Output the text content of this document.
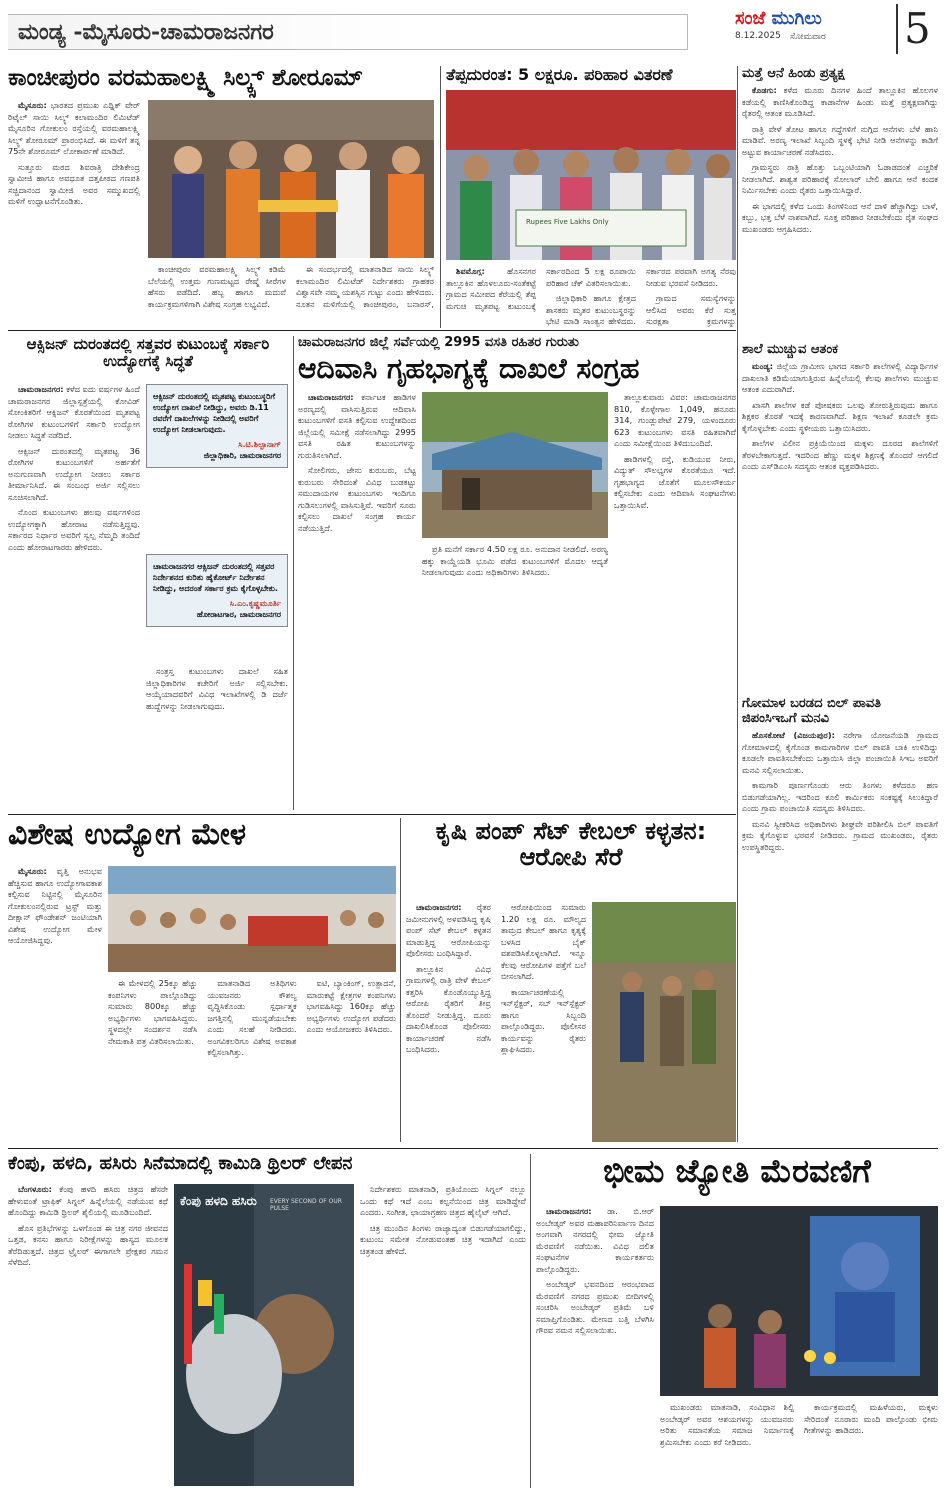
ಮಂಡ್ಯ -ಮೈಸೂರು-ಚಾಮರಾಜನಗರ
ಸಂಜೆ ಮುಗಿಲು
8.12.2025	ಸೋಮವಾರ 5
ಕಾಂಚೀಪುರಂ ವರಮಹಾಲಕ್ಷ್ಮಿ ಸಿಲ್ಕ್ಸ್ ಶೋರೂಮ್

ಮೈಸೂರು: ಭಾರತದ ಪ್ರಮುಖ ಎಥ್ನಿಕ್ ವೇರ್ ರಿಟೈಲ್ ಸಾಯಿ ಸಿಲ್ಕ್ಸ್ ಕಲಾಮಂದಿರ ಲಿಮಿಟೆಡ್ ಮೈಸೂರಿನ ಗೋಕುಲಂ ರಸ್ತೆಯಲ್ಲಿ ವರಮಹಾಲಕ್ಷ್ಮಿ ಸಿಲ್ಕ್ಸ್ ಶೋರೂಮ್ ಪ್ರಾರಂಭಿಸಿದೆ. ಈ ಮಳಿಗೆ ತನ್ನ 75ನೇ ಶೋರೂಮ್ ಲೋಕಾರ್ಪಣೆ ಮಾಡಿದೆ.

ಸುತ್ತೂರು ಮಠದ ಶಿವರಾತ್ರಿ ದೇಶಿಕೇಂದ್ರ ಸ್ವಾಮೀಜಿ ಹಾಗೂ ಅವಧೂತ ದತ್ತಪೀಠದ ಗಣಪತಿ ಸಚ್ಚಿದಾನಂದ ಸ್ವಾಮೀಜಿ ಅವರ ಸಮ್ಮುಖದಲ್ಲಿ ಮಳಿಗೆ ಉದ್ಘಾಟನೆಗೊಂಡಿತು.

ಕಾಂಚೀಪುರಂ ವರಮಹಾಲಕ್ಷ್ಮಿ ಸಿಲ್ಕ್ಸ್ ಕಡಿಮೆ ಬೆಲೆಯಲ್ಲಿ ಉತ್ತಮ ಗುಣಮಟ್ಟದ ರೇಷ್ಮೆ ಸೀರೆಗಳ ಹೆಸರು ಪಡೆದಿದೆ. ಹಬ್ಬ ಹಾಗೂ ಮದುವೆ ಕಾರ್ಯಕ್ರಮಗಳಿಗಾಗಿ ವಿಶೇಷ ಸಂಗ್ರಹ ಲಭ್ಯವಿದೆ.

ಈ ಸಂದರ್ಭದಲ್ಲಿ ಮಾತನಾಡಿದ ಸಾಯಿ ಸಿಲ್ಕ್ಸ್ ಕಲಾಮಂದಿರ ಲಿಮಿಟೆಡ್ ನಿರ್ದೇಶಕರು ಗ್ರಾಹಕರ ವಿಶ್ವಾಸವೇ ನಮ್ಮ ಯಶಸ್ಸಿನ ಗುಟ್ಟು ಎಂದು ಹೇಳಿದರು. ನೂತನ ಮಳಿಗೆಯಲ್ಲಿ ಕಾಂಚೀಪುರಂ, ಬನಾರಸ್,

ತೆಪ್ಪದುರಂತ: 5 ಲಕ್ಷರೂ. ಪರಿಹಾರ ವಿತರಣೆ
Rupees Five Lakhs Only

ಶಿವಮೊಗ್ಗ:	ಹೊಸನಗರ ತಾಲ್ಲೂಕಿನ ಹೊಳಲೂರು-ಸಂತೆಕಟ್ಟೆ ಗ್ರಾಮದ ಸಮೀಪದ ಕೆರೆಯಲ್ಲಿ ತೆಪ್ಪ ಮಗುಚಿ ಮೃತಪಟ್ಟ ಕುಟುಂಬಕ್ಕೆ ಸರ್ಕಾರದಿಂದ 5 ಲಕ್ಷ ರೂಪಾಯಿ ಪರಿಹಾರ ಚೆಕ್ ವಿತರಿಸಲಾಯಿತು.

ಜಿಲ್ಲಾಧಿಕಾರಿ ಹಾಗೂ ಕ್ಷೇತ್ರದ ಶಾಸಕರು ಮೃತರ ಕುಟುಂಬಸ್ಥರನ್ನು ಭೇಟಿ ಮಾಡಿ ಸಾಂತ್ವನ ಹೇಳಿದರು. ಸರ್ಕಾರದ ಪರವಾಗಿ ಅಗತ್ಯ ನೆರವು ನೀಡುವ ಭರವಸೆ ನೀಡಿದರು.

ಗ್ರಾಮದ ಸಮಸ್ಯೆಗಳನ್ನು ಆಲಿಸಿದ ಅವರು ಕೆರೆ ಸುತ್ತ ಸುರಕ್ಷತಾ ಕ್ರಮಗಳನ್ನು

ಮತ್ತೆ ಆನೆ ಹಿಂಡು ಪ್ರತ್ಯಕ್ಷ

ಕೊಡಗು: ಕಳೆದ ಮೂರು ದಿನಗಳ ಹಿಂದೆ ತಾಲ್ಲೂಕಿನ ಹೊಲಗಳ ಕಡೆಯಲ್ಲಿ ಕಾಣಿಸಿಕೊಂಡಿದ್ದ ಕಾಡಾನೆಗಳ ಹಿಂಡು ಮತ್ತೆ ಪ್ರತ್ಯಕ್ಷವಾಗಿದ್ದು ರೈತರಲ್ಲಿ ಆತಂಕ ಮೂಡಿಸಿದೆ.

ರಾತ್ರಿ ವೇಳೆ ತೋಟ ಹಾಗೂ ಗದ್ದೆಗಳಿಗೆ ನುಗ್ಗಿದ ಆನೆಗಳು ಬೆಳೆ ಹಾನಿ ಮಾಡಿವೆ. ಅರಣ್ಯ ಇಲಾಖೆ ಸಿಬ್ಬಂದಿ ಸ್ಥಳಕ್ಕೆ ಭೇಟಿ ನೀಡಿ ಆನೆಗಳನ್ನು ಕಾಡಿಗೆ ಅಟ್ಟುವ ಕಾರ್ಯಾಚರಣೆ ನಡೆಸಿದರು.

ಗ್ರಾಮಸ್ಥರು ರಾತ್ರಿ ಹೊತ್ತು ಒಬ್ಬಂಟಿಯಾಗಿ ಓಡಾಡದಂತೆ ಎಚ್ಚರಿಕೆ ನೀಡಲಾಗಿದೆ. ಶಾಶ್ವತ ಪರಿಹಾರಕ್ಕೆ ಸೋಲಾರ್ ಬೇಲಿ ಹಾಗೂ ಆನೆ ಕಂದಕ ನಿರ್ಮಿಸಬೇಕು ಎಂದು ರೈತರು ಒತ್ತಾಯಿಸಿದ್ದಾರೆ.

ಈ ಭಾಗದಲ್ಲಿ ಕಳೆದ ಒಂದು ತಿಂಗಳಿನಿಂದ ಆನೆ ದಾಳಿ ಹೆಚ್ಚಾಗಿದ್ದು ಬಾಳೆ, ಕಬ್ಬು, ಭತ್ತ ಬೆಳೆ ನಾಶವಾಗಿದೆ. ಸೂಕ್ತ ಪರಿಹಾರ ನೀಡಬೇಕೆಂದು ರೈತ ಸಂಘದ ಮುಖಂಡರು ಆಗ್ರಹಿಸಿದರು.

ಶಾಲೆ ಮುಚ್ಚುವ ಆತಂಕ

ಮಂಡ್ಯ: ಜಿಲ್ಲೆಯ ಗ್ರಾಮೀಣ ಭಾಗದ ಸರ್ಕಾರಿ ಶಾಲೆಗಳಲ್ಲಿ ವಿದ್ಯಾರ್ಥಿಗಳ ದಾಖಲಾತಿ ಕಡಿಮೆಯಾಗುತ್ತಿರುವ ಹಿನ್ನೆಲೆಯಲ್ಲಿ ಕೆಲವು ಶಾಲೆಗಳು ಮುಚ್ಚುವ ಆತಂಕ ಎದುರಾಗಿದೆ.

ಖಾಸಗಿ ಶಾಲೆಗಳ ಕಡೆ ಪೋಷಕರು ಒಲವು ತೋರುತ್ತಿರುವುದು ಹಾಗೂ ಶಿಕ್ಷಕರ ಕೊರತೆ ಇದಕ್ಕೆ ಕಾರಣವಾಗಿದೆ. ಶಿಕ್ಷಣ ಇಲಾಖೆ ಕೂಡಲೇ ಕ್ರಮ ಕೈಗೊಳ್ಳಬೇಕು ಎಂದು ಸ್ಥಳೀಯರು ಒತ್ತಾಯಿಸಿದರು.

ಶಾಲೆಗಳ ವಿಲೀನ ಪ್ರಕ್ರಿಯೆಯಿಂದ ಮಕ್ಕಳು ದೂರದ ಶಾಲೆಗಳಿಗೆ ತೆರಳಬೇಕಾಗುತ್ತದೆ. ಇದರಿಂದ ಹೆಣ್ಣು ಮಕ್ಕಳ ಶಿಕ್ಷಣಕ್ಕೆ ತೊಂದರೆ ಆಗಲಿದೆ ಎಂದು ಎಸ್‌ಡಿಎಂಸಿ ಸದಸ್ಯರು ಆತಂಕ ವ್ಯಕ್ತಪಡಿಸಿದರು.

ಗೋಮಾಳ ಬರಡದ ಬಿಲ್ ಪಾವತಿ ಜಿಪಂಸಿಇಒಗೆ ಮನವಿ

ಹೊಸಕೋಟೆ (ವಿಜಯಪುರ): ನರೇಗಾ ಯೋಜನೆಯಡಿ ಗ್ರಾಮದ ಗೋಮಾಳದಲ್ಲಿ ಕೈಗೊಂಡ ಕಾಮಗಾರಿಗಳ ಬಿಲ್ ಪಾವತಿ ಬಾಕಿ ಉಳಿದಿದ್ದು ಕೂಡಲೇ ಪಾವತಿಸಬೇಕೆಂದು ಒತ್ತಾಯಿಸಿ ಜಿಲ್ಲಾ ಪಂಚಾಯಿತಿ ಸಿಇಒ ಅವರಿಗೆ ಮನವಿ ಸಲ್ಲಿಸಲಾಯಿತು.

ಕಾಮಗಾರಿ ಪೂರ್ಣಗೊಂಡು ಆರು ತಿಂಗಳು ಕಳೆದರೂ ಹಣ ಬಿಡುಗಡೆಯಾಗಿಲ್ಲ. ಇದರಿಂದ ಕೂಲಿ ಕಾರ್ಮಿಕರು ಸಂಕಷ್ಟಕ್ಕೆ ಸಿಲುಕಿದ್ದಾರೆ ಎಂದು ಗ್ರಾಮ ಪಂಚಾಯಿತಿ ಸದಸ್ಯರು ತಿಳಿಸಿದರು.

ಮನವಿ ಸ್ವೀಕರಿಸಿದ ಅಧಿಕಾರಿಗಳು ಶೀಘ್ರವೇ ಪರಿಶೀಲಿಸಿ ಬಿಲ್ ಪಾವತಿಗೆ ಕ್ರಮ ಕೈಗೊಳ್ಳುವ ಭರವಸೆ ನೀಡಿದರು. ಗ್ರಾಮದ ಮುಖಂಡರು, ರೈತರು ಉಪಸ್ಥಿತರಿದ್ದರು.

ಆಕ್ಸಿಜನ್ ದುರಂತದಲ್ಲಿ ಸತ್ತವರ ಕುಟುಂಬಕ್ಕೆ ಸರ್ಕಾರಿ ಉದ್ಯೋಗಕ್ಕೆ ಸಿದ್ಧತೆ

ಚಾಮರಾಜನಗರ: ಕಳೆದ ಐದು ವರ್ಷಗಳ ಹಿಂದೆ ಚಾಮರಾಜನಗರ ಜಿಲ್ಲಾಸ್ಪತ್ರೆಯಲ್ಲಿ ಕೋವಿಡ್ ಸೋಂಕಿತರಿಗೆ ಆಕ್ಸಿಜನ್ ಕೊರತೆಯಿಂದ ಮೃತಪಟ್ಟ ರೋಗಿಗಳ ಕುಟುಂಬಗಳಿಗೆ ಸರ್ಕಾರಿ ಉದ್ಯೋಗ ನೀಡಲು ಸಿದ್ಧತೆ ನಡೆದಿದೆ.

ಆಕ್ಸಿಜನ್ ದುರಂತದಲ್ಲಿ ಮೃತಪಟ್ಟ 36 ರೋಗಿಗಳ ಕುಟುಂಬಗಳಿಗೆ ಅರ್ಹತೆಗೆ ಅನುಗುಣವಾಗಿ ಉದ್ಯೋಗ ನೀಡಲು ಸರ್ಕಾರ ತೀರ್ಮಾನಿಸಿದೆ. ಈ ಸಂಬಂಧ ಅರ್ಜಿ ಸಲ್ಲಿಸಲು ಸೂಚಿಸಲಾಗಿದೆ.

ನೊಂದ ಕುಟುಂಬಗಳು ಹಲವು ವರ್ಷಗಳಿಂದ ಉದ್ಯೋಗಕ್ಕಾಗಿ ಹೋರಾಟ ನಡೆಸುತ್ತಿದ್ದವು. ಸರ್ಕಾರದ ನಿರ್ಧಾರ ಅವರಿಗೆ ಸ್ವಲ್ಪ ನೆಮ್ಮದಿ ತಂದಿದೆ ಎಂದು ಹೋರಾಟಗಾರರು ಹೇಳಿದರು.

ಆಕ್ಸಿಜನ್ ದುರಂತದಲ್ಲಿ ಮೃತಪಟ್ಟ ಕುಟುಂಬಸ್ಥರಿಗೆ ಉದ್ಯೋಗ ದಾಖಲೆ ನೀಡಿದ್ದು, ಅವರು ಡಿ.11 ರವರೆಗೆ ದಾಖಲೆಗಳನ್ನು ನೀಡಿದಲ್ಲಿ ಅವರಿಗೆ ಉದ್ಯೋಗ ನೀಡಲಾಗುವುದು.
ಸಿ.ಟಿ.ಶಿಲ್ಪಾನಾಗ್
ಜಿಲ್ಲಾಧಿಕಾರಿ, ಚಾಮರಾಜನಗರ
ಚಾಮರಾಜನಗರ ಆಕ್ಸಿಜನ್ ದುರಂತದಲ್ಲಿ ಸತ್ತವರ ನಿರ್ದೇಶನದ ಕುರಿತು ಹೈಕೋರ್ಟ್ ನಿರ್ದೇಶನ ನೀಡಿದ್ದು, ಅದರಂತೆ ಸರ್ಕಾರ ಕ್ರಮ ಕೈಗೊಳ್ಳಬೇಕು.
ಸಿ.ಎಂ.ಕೃಷ್ಣಮೂರ್ತಿ
ಹೋರಾಟಗಾರ, ಚಾಮರಾಜನಗರ

ಸಂತ್ರಸ್ತ ಕುಟುಂಬಗಳು ದಾಖಲೆ ಸಹಿತ ಜಿಲ್ಲಾಧಿಕಾರಿಗಳ ಕಚೇರಿಗೆ ಅರ್ಜಿ ಸಲ್ಲಿಸಬೇಕು. ಆಯ್ಕೆಯಾದವರಿಗೆ ವಿವಿಧ ಇಲಾಖೆಗಳಲ್ಲಿ ಡಿ ದರ್ಜೆ ಹುದ್ದೆಗಳನ್ನು ನೀಡಲಾಗುವುದು.

ಚಾಮರಾಜನಗರ ಜಿಲ್ಲೆ ಸರ್ವೆಯಲ್ಲಿ 2995 ವಸತಿ ರಹಿತರ ಗುರುತು
ಆದಿವಾಸಿ ಗೃಹಭಾಗ್ಯಕ್ಕೆ ದಾಖಲೆ ಸಂಗ್ರಹ

ಚಾಮರಾಜನಗರ: ಕರ್ನಾಟಕ ಹಾಡಿಗಳ ಅರಣ್ಯದಲ್ಲಿ ವಾಸಿಸುತ್ತಿರುವ ಆದಿವಾಸಿ ಕುಟುಂಬಗಳಿಗೆ ವಸತಿ ಕಲ್ಪಿಸುವ ಉದ್ದೇಶದಿಂದ ಜಿಲ್ಲೆಯಲ್ಲಿ ಸಮೀಕ್ಷೆ ನಡೆಸಲಾಗಿದ್ದು 2995 ವಸತಿ ರಹಿತ ಕುಟುಂಬಗಳನ್ನು ಗುರುತಿಸಲಾಗಿದೆ.

ಸೋಲಿಗರು, ಜೇನು ಕುರುಬರು, ಬೆಟ್ಟ ಕುರುಬರು ಸೇರಿದಂತೆ ವಿವಿಧ ಬುಡಕಟ್ಟು ಸಮುದಾಯಗಳ ಕುಟುಂಬಗಳು ಇಂದಿಗೂ ಗುಡಿಸಲುಗಳಲ್ಲಿ ವಾಸಿಸುತ್ತಿವೆ. ಇವರಿಗೆ ಸೂರು ಕಲ್ಪಿಸಲು ದಾಖಲೆ ಸಂಗ್ರಹ ಕಾರ್ಯ ನಡೆಯುತ್ತಿದೆ.

ಪ್ರತಿ ಮನೆಗೆ ಸರ್ಕಾರ 4.50 ಲಕ್ಷ ರೂ. ಅನುದಾನ ನೀಡಲಿದೆ. ಅರಣ್ಯ ಹಕ್ಕು ಕಾಯ್ದೆಯಡಿ ಭೂಮಿ ಪಡೆದ ಕುಟುಂಬಗಳಿಗೆ ಮೊದಲ ಆದ್ಯತೆ ನೀಡಲಾಗುವುದು ಎಂದು ಅಧಿಕಾರಿಗಳು ತಿಳಿಸಿದರು.

ತಾಲ್ಲೂಕುವಾರು ವಿವರ: ಚಾಮರಾಜನಗರ 810, ಕೊಳ್ಳೇಗಾಲ 1,049, ಹನೂರು 314, ಗುಂಡ್ಲುಪೇಟೆ 279, ಯಳಂದೂರು 623 ಕುಟುಂಬಗಳು ವಸತಿ ರಹಿತವಾಗಿವೆ ಎಂದು ಸಮೀಕ್ಷೆಯಿಂದ ತಿಳಿದುಬಂದಿದೆ.

ಹಾಡಿಗಳಲ್ಲಿ ರಸ್ತೆ, ಕುಡಿಯುವ ನೀರು, ವಿದ್ಯುತ್ ಸೌಲಭ್ಯಗಳ ಕೊರತೆಯೂ ಇದೆ. ಗೃಹಭಾಗ್ಯದ ಜೊತೆಗೆ ಮೂಲಸೌಕರ್ಯ ಕಲ್ಪಿಸಬೇಕು ಎಂದು ಆದಿವಾಸಿ ಸಂಘಟನೆಗಳು ಒತ್ತಾಯಿಸಿವೆ.

ವಿಶೇಷ ಉದ್ಯೋಗ ಮೇಳ

ಮೈಸೂರು: ವೃತ್ತಿ ಅನುಭವ ಹೆಚ್ಚಿಸುವ ಹಾಗೂ ಉದ್ಯೋಗಾವಕಾಶ ಕಲ್ಪಿಸುವ ನಿಟ್ಟಿನಲ್ಲಿ ಮೈಸೂರಿನ ಗೋಕುಲಂನಲ್ಲಿರುವ ಟ್ರಸ್ಟ್ ಮತ್ತು ದೀಕ್ಷಾನ್ ಫೌಂಡೇಶನ್ ಜಂಟಿಯಾಗಿ ವಿಶೇಷ ಉದ್ಯೋಗ ಮೇಳ ಆಯೋಜಿಸಿದ್ದವು.

ಈ ಮೇಳದಲ್ಲಿ 25ಕ್ಕೂ ಹೆಚ್ಚು ಕಂಪನಿಗಳು ಪಾಲ್ಗೊಂಡಿದ್ದು ಸುಮಾರು 800ಕ್ಕೂ ಹೆಚ್ಚು ಅಭ್ಯರ್ಥಿಗಳು ಭಾಗವಹಿಸಿದ್ದರು. ಸ್ಥಳದಲ್ಲೇ ಸಂದರ್ಶನ ನಡೆಸಿ ನೇಮಕಾತಿ ಪತ್ರ ವಿತರಿಸಲಾಯಿತು.

ಮಾತನಾಡಿದ ಅತಿಥಿಗಳು ಯುವಜನರು ಕೌಶಲ್ಯ ವೃದ್ಧಿಸಿಕೊಂಡು ಸ್ಪರ್ಧಾತ್ಮಕ ಜಗತ್ತಿನಲ್ಲಿ ಮುನ್ನಡೆಯಬೇಕು ಎಂದು ಸಲಹೆ ನೀಡಿದರು. ಅಂಗವಿಕಲರಿಗೂ ವಿಶೇಷ ಅವಕಾಶ ಕಲ್ಪಿಸಲಾಗಿತ್ತು.

ಐಟಿ, ಬ್ಯಾಂಕಿಂಗ್, ಉತ್ಪಾದನೆ, ಮಾರುಕಟ್ಟೆ ಕ್ಷೇತ್ರಗಳ ಕಂಪನಿಗಳು ಭಾಗವಹಿಸಿದ್ದು 160ಕ್ಕೂ ಹೆಚ್ಚು ಅಭ್ಯರ್ಥಿಗಳು ಉದ್ಯೋಗ ಪಡೆದರು ಎಂದು ಆಯೋಜಕರು ತಿಳಿಸಿದರು.

ಕೃಷಿ ಪಂಪ್ ಸೆಟ್ ಕೇಬಲ್ ಕಳ್ಳತನ: ಆರೋಪಿ ಸೆರೆ

ಚಾಮರಾಜನಗರ: ರೈತರ ಜಮೀನುಗಳಲ್ಲಿ ಅಳವಡಿಸಿದ್ದ ಕೃಷಿ ಪಂಪ್ ಸೆಟ್ ಕೇಬಲ್ ಕಳ್ಳತನ ಮಾಡುತ್ತಿದ್ದ ಆರೋಪಿಯನ್ನು ಪೊಲೀಸರು ಬಂಧಿಸಿದ್ದಾರೆ.

ತಾಲ್ಲೂಕಿನ ವಿವಿಧ ಗ್ರಾಮಗಳಲ್ಲಿ ರಾತ್ರಿ ವೇಳೆ ಕೇಬಲ್ ಕತ್ತರಿಸಿ ಕೊಂಡೊಯ್ಯುತ್ತಿದ್ದ ಆರೋಪಿ ರೈತರಿಗೆ ತೀವ್ರ ತೊಂದರೆ ನೀಡುತ್ತಿದ್ದ. ದೂರು ದಾಖಲಿಸಿಕೊಂಡ ಪೊಲೀಸರು ಕಾರ್ಯಾಚರಣೆ ನಡೆಸಿ ಬಂಧಿಸಿದರು.

ಆರೋಪಿಯಿಂದ ಸುಮಾರು 1.20 ಲಕ್ಷ ರೂ. ಮೌಲ್ಯದ ತಾಮ್ರದ ಕೇಬಲ್ ಹಾಗೂ ಕೃತ್ಯಕ್ಕೆ ಬಳಸಿದ ಬೈಕ್ ವಶಪಡಿಸಿಕೊಳ್ಳಲಾಗಿದೆ. ಇನ್ನೂ ಕೆಲವು ಆರೋಪಿಗಳ ಪತ್ತೆಗೆ ಬಲೆ ಬೀಸಲಾಗಿದೆ.

ಕಾರ್ಯಾಚರಣೆಯಲ್ಲಿ ಇನ್‌ಸ್ಪೆಕ್ಟರ್, ಸಬ್ ಇನ್‌ಸ್ಪೆಕ್ಟರ್ ಹಾಗೂ ಸಿಬ್ಬಂದಿ ಪಾಲ್ಗೊಂಡಿದ್ದರು. ಪೊಲೀಸರ ಕಾರ್ಯವನ್ನು ರೈತರು ಶ್ಲಾಘಿಸಿದರು.

ಕೆಂಪು, ಹಳದಿ, ಹಸಿರು ಸಿನೆಮಾದಲ್ಲಿ ಕಾಮಿಡಿ ಥ್ರಿಲರ್ ಲೇಪನ
ಕೆಂಪು ಹಳದಿ ಹಸಿರು	EVERY SECOND OF OUR PULSE

ಬೆಂಗಳೂರು: ಕೆಂಪು ಹಳದಿ ಹಸಿರು ಚಿತ್ರದ ಹೆಸರೇ ಹೇಳುವಂತೆ ಟ್ರಾಫಿಕ್ ಸಿಗ್ನಲ್ ಹಿನ್ನೆಲೆಯಲ್ಲಿ ನಡೆಯುವ ಕಥೆ ಹೊಂದಿದ್ದು ಕಾಮಿಡಿ ಥ್ರಿಲರ್ ಶೈಲಿಯಲ್ಲಿ ಮೂಡಿಬಂದಿದೆ.

ಹೊಸ ಪ್ರತಿಭೆಗಳನ್ನು ಒಳಗೊಂಡ ಈ ಚಿತ್ರ ನಗರ ಜೀವನದ ಒತ್ತಡ, ಕನಸು ಹಾಗೂ ನಿರೀಕ್ಷೆಗಳನ್ನು ಹಾಸ್ಯದ ಮೂಲಕ ತೆರೆದಿಡುತ್ತದೆ. ಚಿತ್ರದ ಟ್ರೈಲರ್ ಈಗಾಗಲೇ ಪ್ರೇಕ್ಷಕರ ಗಮನ ಸೆಳೆದಿದೆ.

ನಿರ್ದೇಶಕರು ಮಾತನಾಡಿ, ಪ್ರತಿಯೊಂದು ಸಿಗ್ನಲ್ ನಲ್ಲೂ ಒಂದು ಕಥೆ ಇದೆ ಎಂಬ ಕಲ್ಪನೆಯಿಂದ ಚಿತ್ರ ಮಾಡಿದ್ದೇವೆ ಎಂದರು. ಸಂಗೀತ, ಛಾಯಾಗ್ರಹಣ ಚಿತ್ರದ ಹೈಲೈಟ್ ಆಗಿದೆ.

ಚಿತ್ರ ಮುಂದಿನ ತಿಂಗಳು ರಾಜ್ಯಾದ್ಯಂತ ಬಿಡುಗಡೆಯಾಗಲಿದ್ದು, ಕುಟುಂಬ ಸಮೇತ ನೋಡುವಂತಹ ಚಿತ್ರ ಇದಾಗಿದೆ ಎಂದು ಚಿತ್ರತಂಡ ಹೇಳಿದೆ.

ಭೀಮ ಜ್ಯೋತಿ ಮೆರವಣಿಗೆ

ಚಾಮರಾಜನಗರ: ಡಾ. ಬಿ.ಆರ್ ಅಂಬೇಡ್ಕರ್ ಅವರ ಮಹಾಪರಿನಿರ್ವಾಣ ದಿನದ ಅಂಗವಾಗಿ ನಗರದಲ್ಲಿ ಭೀಮ ಜ್ಯೋತಿ ಮೆರವಣಿಗೆ ನಡೆಯಿತು. ವಿವಿಧ ದಲಿತ ಸಂಘಟನೆಗಳ ಕಾರ್ಯಕರ್ತರು ಪಾಲ್ಗೊಂಡಿದ್ದರು.

ಅಂಬೇಡ್ಕರ್ ಭವನದಿಂದ ಆರಂಭವಾದ ಮೆರವಣಿಗೆ ನಗರದ ಪ್ರಮುಖ ಬೀದಿಗಳಲ್ಲಿ ಸಂಚರಿಸಿ ಅಂಬೇಡ್ಕರ್ ಪ್ರತಿಮೆ ಬಳಿ ಸಮಾಪ್ತಿಗೊಂಡಿತು. ಮೇಣದ ಬತ್ತಿ ಬೆಳಗಿಸಿ ಗೌರವ ನಮನ ಸಲ್ಲಿಸಲಾಯಿತು.

ಮುಖಂಡರು ಮಾತನಾಡಿ, ಸಂವಿಧಾನ ಶಿಲ್ಪಿ ಅಂಬೇಡ್ಕರ್ ಅವರ ಆಶಯಗಳನ್ನು ಯುವಜನರು ಅರಿತು ಸಮಾನತೆಯ ಸಮಾಜ ನಿರ್ಮಾಣಕ್ಕೆ ಶ್ರಮಿಸಬೇಕು ಎಂದು ಕರೆ ನೀಡಿದರು.

ಕಾರ್ಯಕ್ರಮದಲ್ಲಿ ಮಹಿಳೆಯರು, ಮಕ್ಕಳು ಸೇರಿದಂತೆ ನೂರಾರು ಮಂದಿ ಪಾಲ್ಗೊಂಡು ಭೀಮ ಗೀತೆಗಳನ್ನು ಹಾಡಿದರು.
